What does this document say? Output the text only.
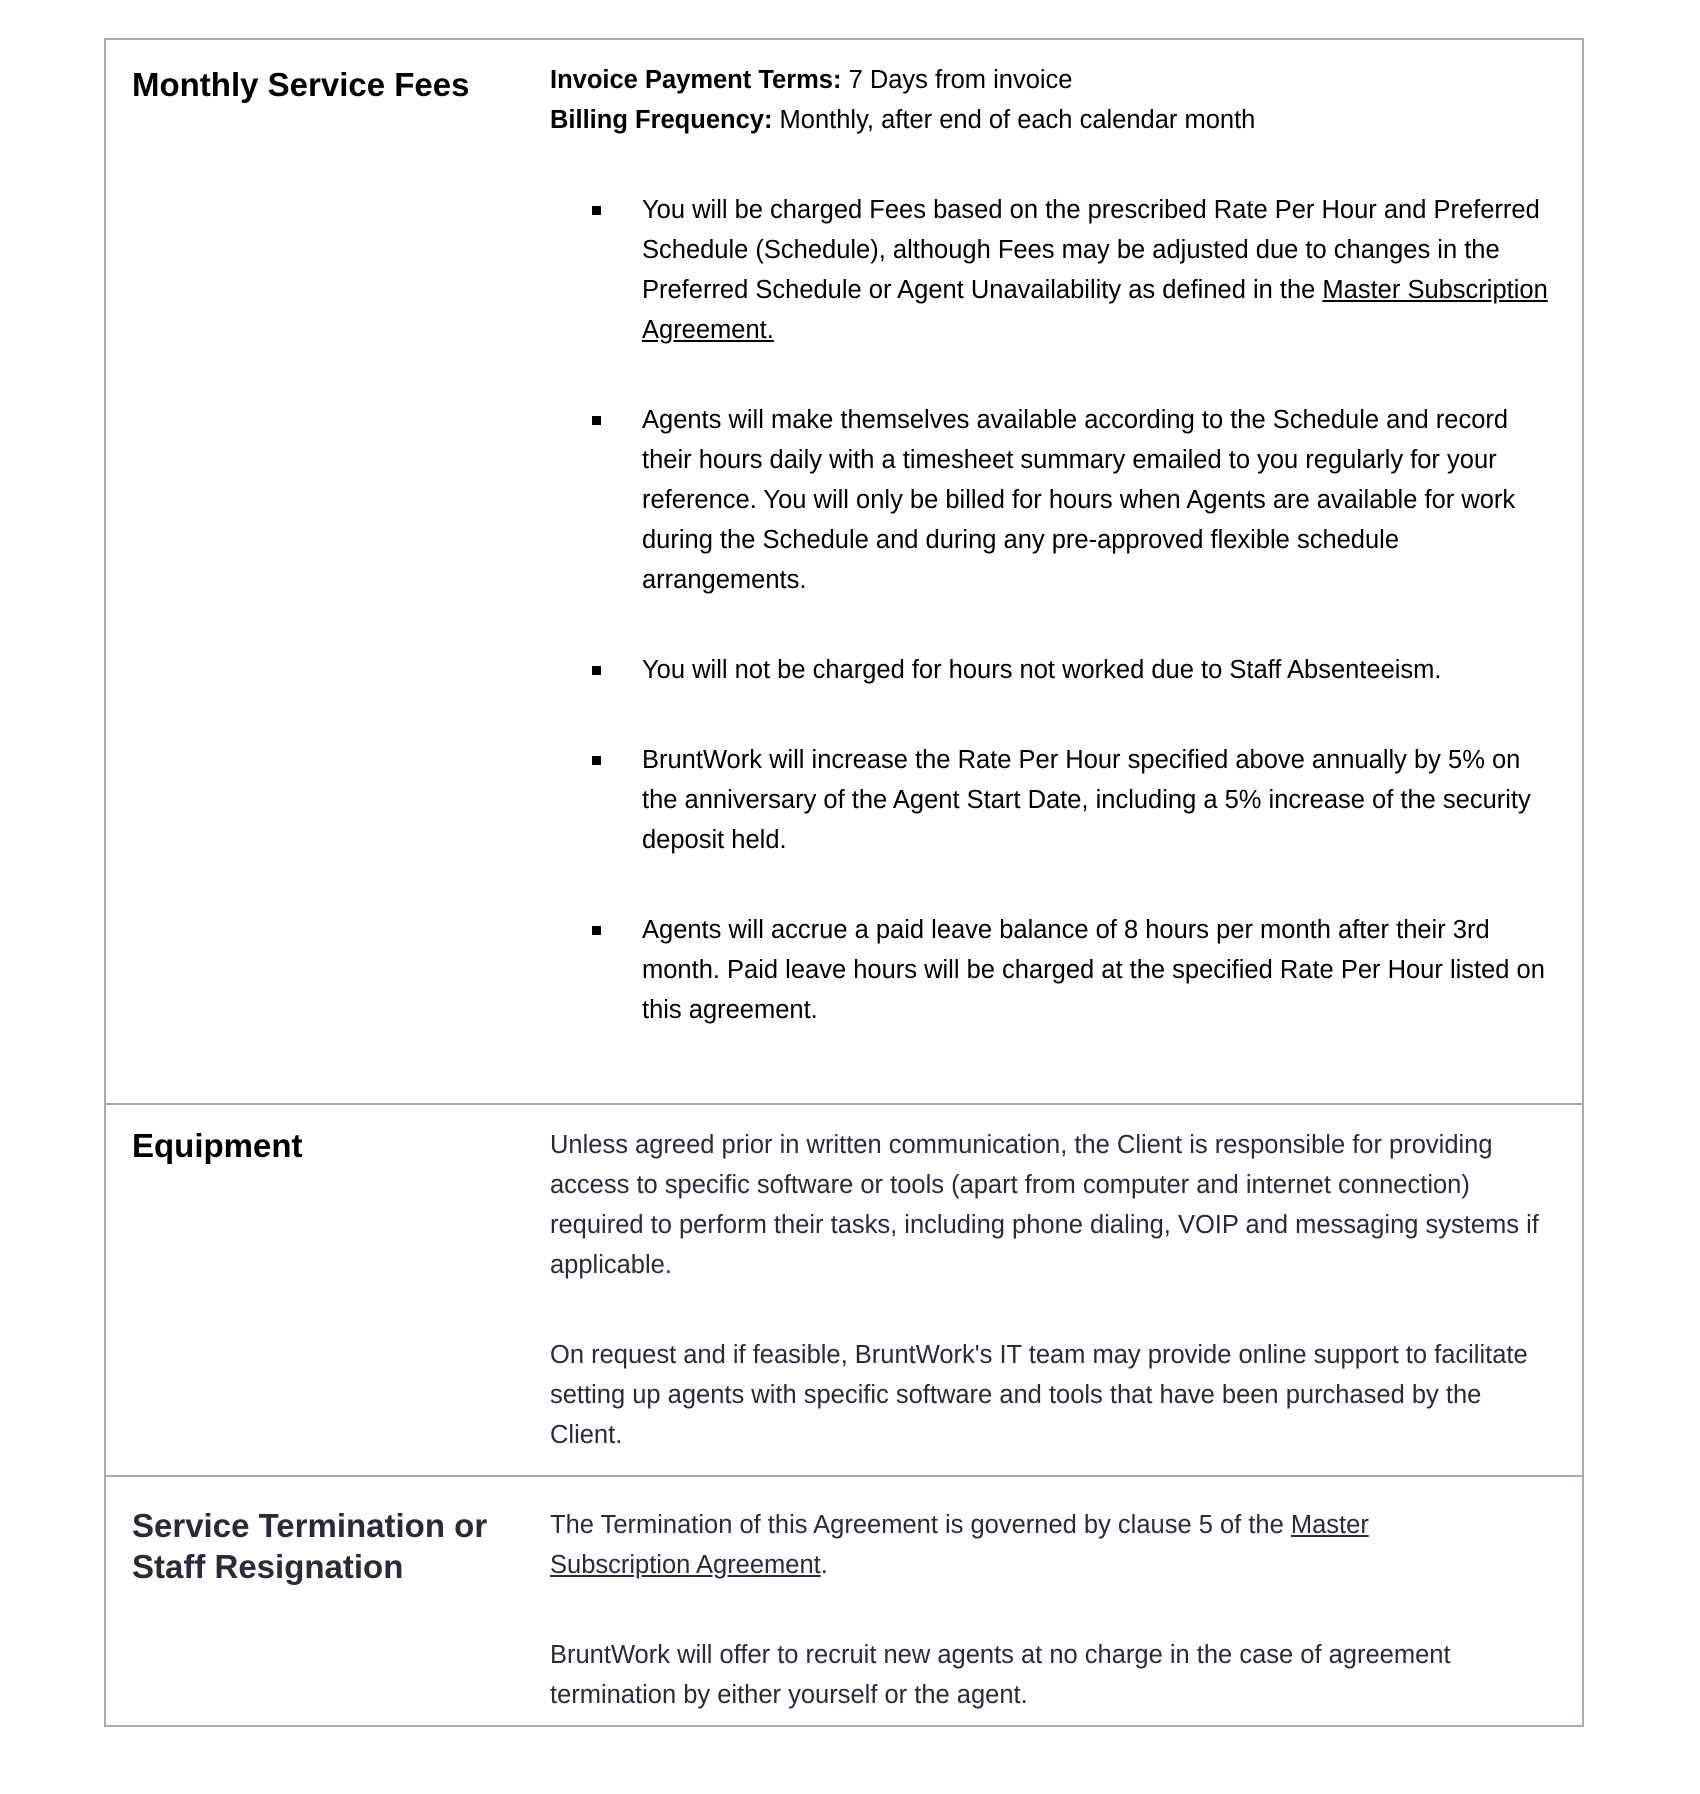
Monthly Service Fees	Invoice Payment Terms: 7 Days from invoice

Billing Frequency: Monthly, after end of each calendar month

You will be charged Fees based on the prescribed Rate Per Hour and Preferred Schedule (Schedule), although Fees may be adjusted due to changes in the Preferred Schedule or Agent Unavailability as defined in the Master Subscription Agreement.
Agents will make themselves available according to the Schedule and record their hours daily with a timesheet summary emailed to you regularly for your reference. You will only be billed for hours when Agents are available for work during the Schedule and during any pre-approved flexible schedule arrangements.
You will not be charged for hours not worked due to Staff Absenteeism.
BruntWork will increase the Rate Per Hour specified above annually by 5% on the anniversary of the Agent Start Date, including a 5% increase of the security deposit held.
Agents will accrue a paid leave balance of 8 hours per month after their 3rd month. Paid leave hours will be charged at the specified Rate Per Hour listed on this agreement.
Equipment	Unless agreed prior in written communication, the Client is responsible for providing access to specific software or tools (apart from computer and internet connection) required to perform their tasks, including phone dialing, VOIP and messaging systems if applicable.

On request and if feasible, BruntWork's IT team may provide online support to facilitate setting up agents with specific software and tools that have been purchased by the Client.

Service Termination or
Staff Resignation

The Termination of this Agreement is governed by clause 5 of the Master
Subscription Agreement.

BruntWork will offer to recruit new agents at no charge in the case of agreement termination by either yourself or the agent.
